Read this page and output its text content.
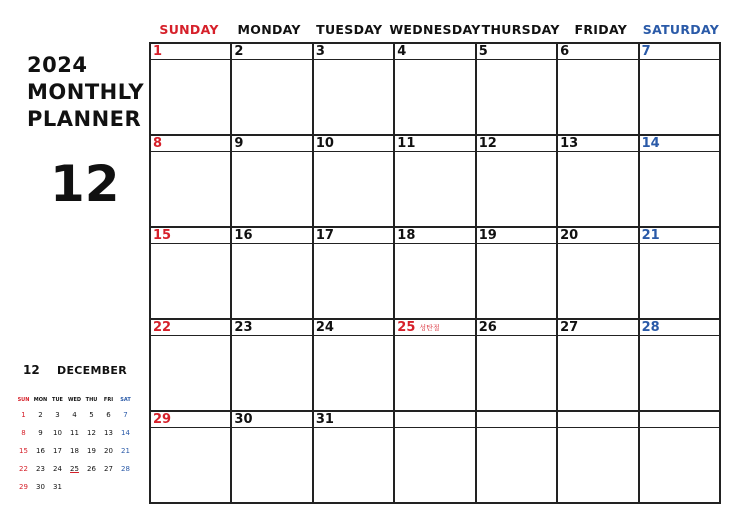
2024
MONTHLY
PLANNER
12
12 DECEMBER
SUN MON TUE	WED THU	FRI	SAT
1	2	3	4	5	6	7
8	9	10	11	12	13	14
15	16	17	18	19	20	21
22	23	24	25	26	27	28
29	30	31
SUNDAY	MONDAY	TUESDAY WEDNESDAY THURSDAY	FRIDAY	SATURDAY
1	2	3	4	5	6	7
8	9	10	11	12	13	14
15	16	17	18	19	20	21
22	23	24	25 성탄절	26	27	28
29	30	31
